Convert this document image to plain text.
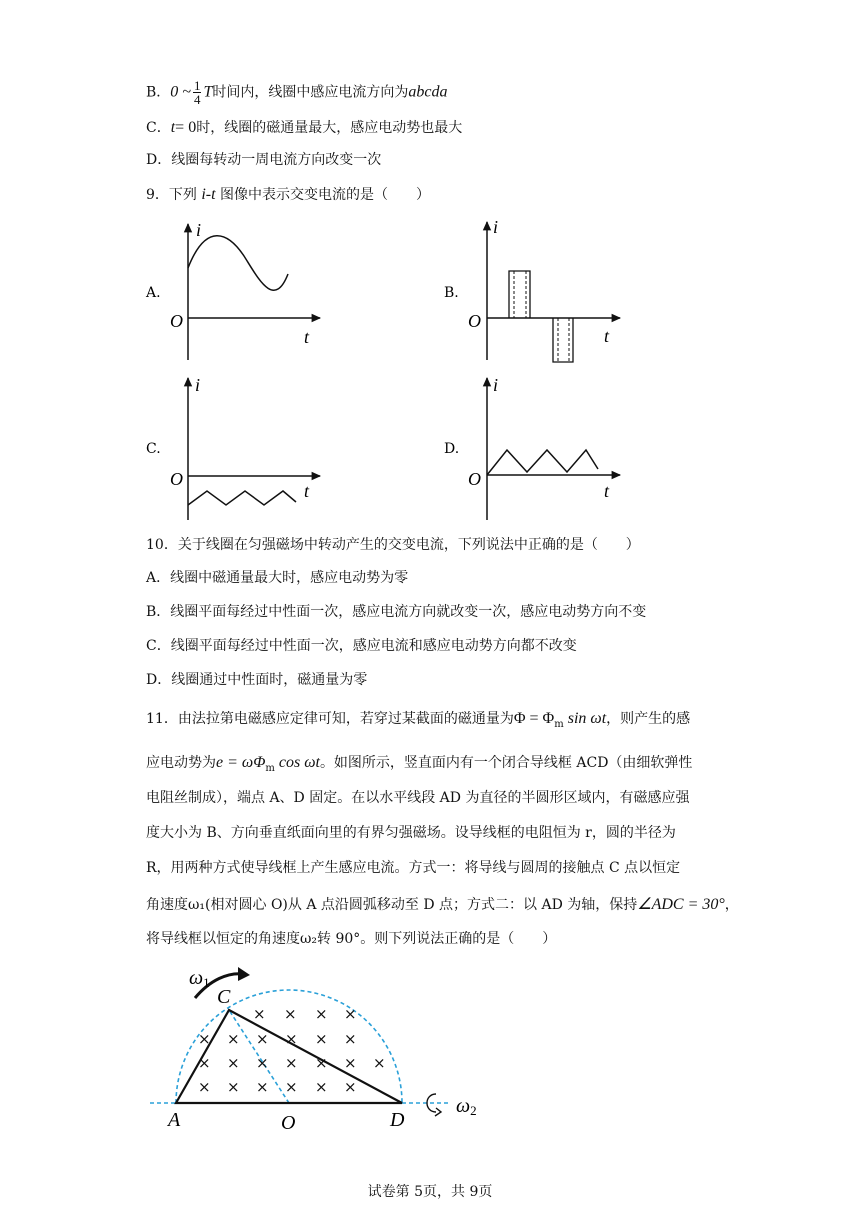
B．0 ~ $\frac{1}{4}$ T时间内，线圈中感应电流方向为abcda
C．t= 0时，线圈的磁通量最大，感应电动势也最大
D．线圈每转动一周电流方向改变一次
9．下列 i-t 图像中表示交变电流的是（　　）
A.
i
t
O
B.
i
t
O
C.
i
t
O
D.
i
t
O
× × × ×
× × × × × ×
× × × × × × ×
× × × × × ×
A	O	D
C
ω1
ω2
10．关于线圈在匀强磁场中转动产生的交变电流，下列说法中正确的是（　　）
A．线圈中磁通量最大时，感应电动势为零
B．线圈平面每经过中性面一次，感应电流方向就改变一次，感应电动势方向不变
C．线圈平面每经过中性面一次，感应电流和感应电动势方向都不改变
D．线圈通过中性面时，磁通量为零
11．由法拉第电磁感应定律可知，若穿过某截面的磁通量为$\Phi = \Phi_m$ sin ωt，则产生的感
应电动势为$e = \omega\Phi_m$ cos ωt。如图所示，竖直面内有一个闭合导线框 ACD（由细软弹性
电阻丝制成），端点 A、D 固定。在以水平线段 AD 为直径的半圆形区域内，有磁感应强
度大小为 B、方向垂直纸面向里的有界匀强磁场。设导线框的电阻恒为 r，圆的半径为
R，用两种方式使导线框上产生感应电流。方式一：将导线与圆周的接触点 C 点以恒定
角速度ω₁(相对圆心 O)从 A 点沿圆弧移动至 D 点；方式二：以 AD 为轴，保持∠ADC = 30°，
将导线框以恒定的角速度ω₂转 90°。则下列说法正确的是（　　）
试卷第 5页，共 9页
